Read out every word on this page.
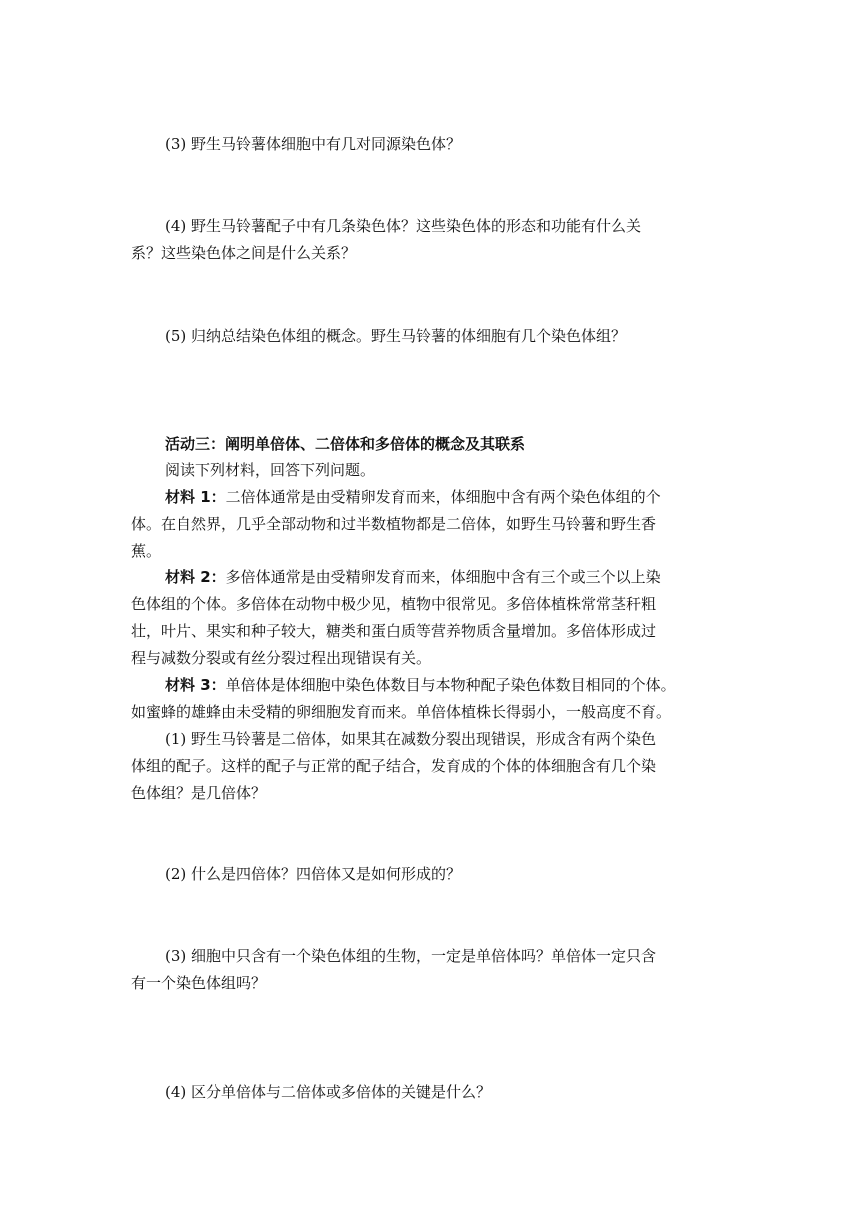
(3) 野生马铃薯体细胞中有几对同源染色体？
(4) 野生马铃薯配子中有几条染色体？这些染色体的形态和功能有什么关
系？这些染色体之间是什么关系？
(5) 归纳总结染色体组的概念。野生马铃薯的体细胞有几个染色体组？
活动三：阐明单倍体、二倍体和多倍体的概念及其联系
阅读下列材料，回答下列问题。
材料 1：二倍体通常是由受精卵发育而来，体细胞中含有两个染色体组的个
体。在自然界，几乎全部动物和过半数植物都是二倍体，如野生马铃薯和野生香
蕉。
材料 2：多倍体通常是由受精卵发育而来，体细胞中含有三个或三个以上染
色体组的个体。多倍体在动物中极少见，植物中很常见。多倍体植株常常茎秆粗
壮，叶片、果实和种子较大，糖类和蛋白质等营养物质含量增加。多倍体形成过
程与减数分裂或有丝分裂过程出现错误有关。
材料 3：单倍体是体细胞中染色体数目与本物种配子染色体数目相同的个体。
如蜜蜂的雄蜂由未受精的卵细胞发育而来。单倍体植株长得弱小，一般高度不育。
(1) 野生马铃薯是二倍体，如果其在减数分裂出现错误，形成含有两个染色
体组的配子。这样的配子与正常的配子结合，发育成的个体的体细胞含有几个染
色体组？是几倍体？
(2) 什么是四倍体？四倍体又是如何形成的？
(3) 细胞中只含有一个染色体组的生物，一定是单倍体吗？单倍体一定只含
有一个染色体组吗？
(4) 区分单倍体与二倍体或多倍体的关键是什么？
